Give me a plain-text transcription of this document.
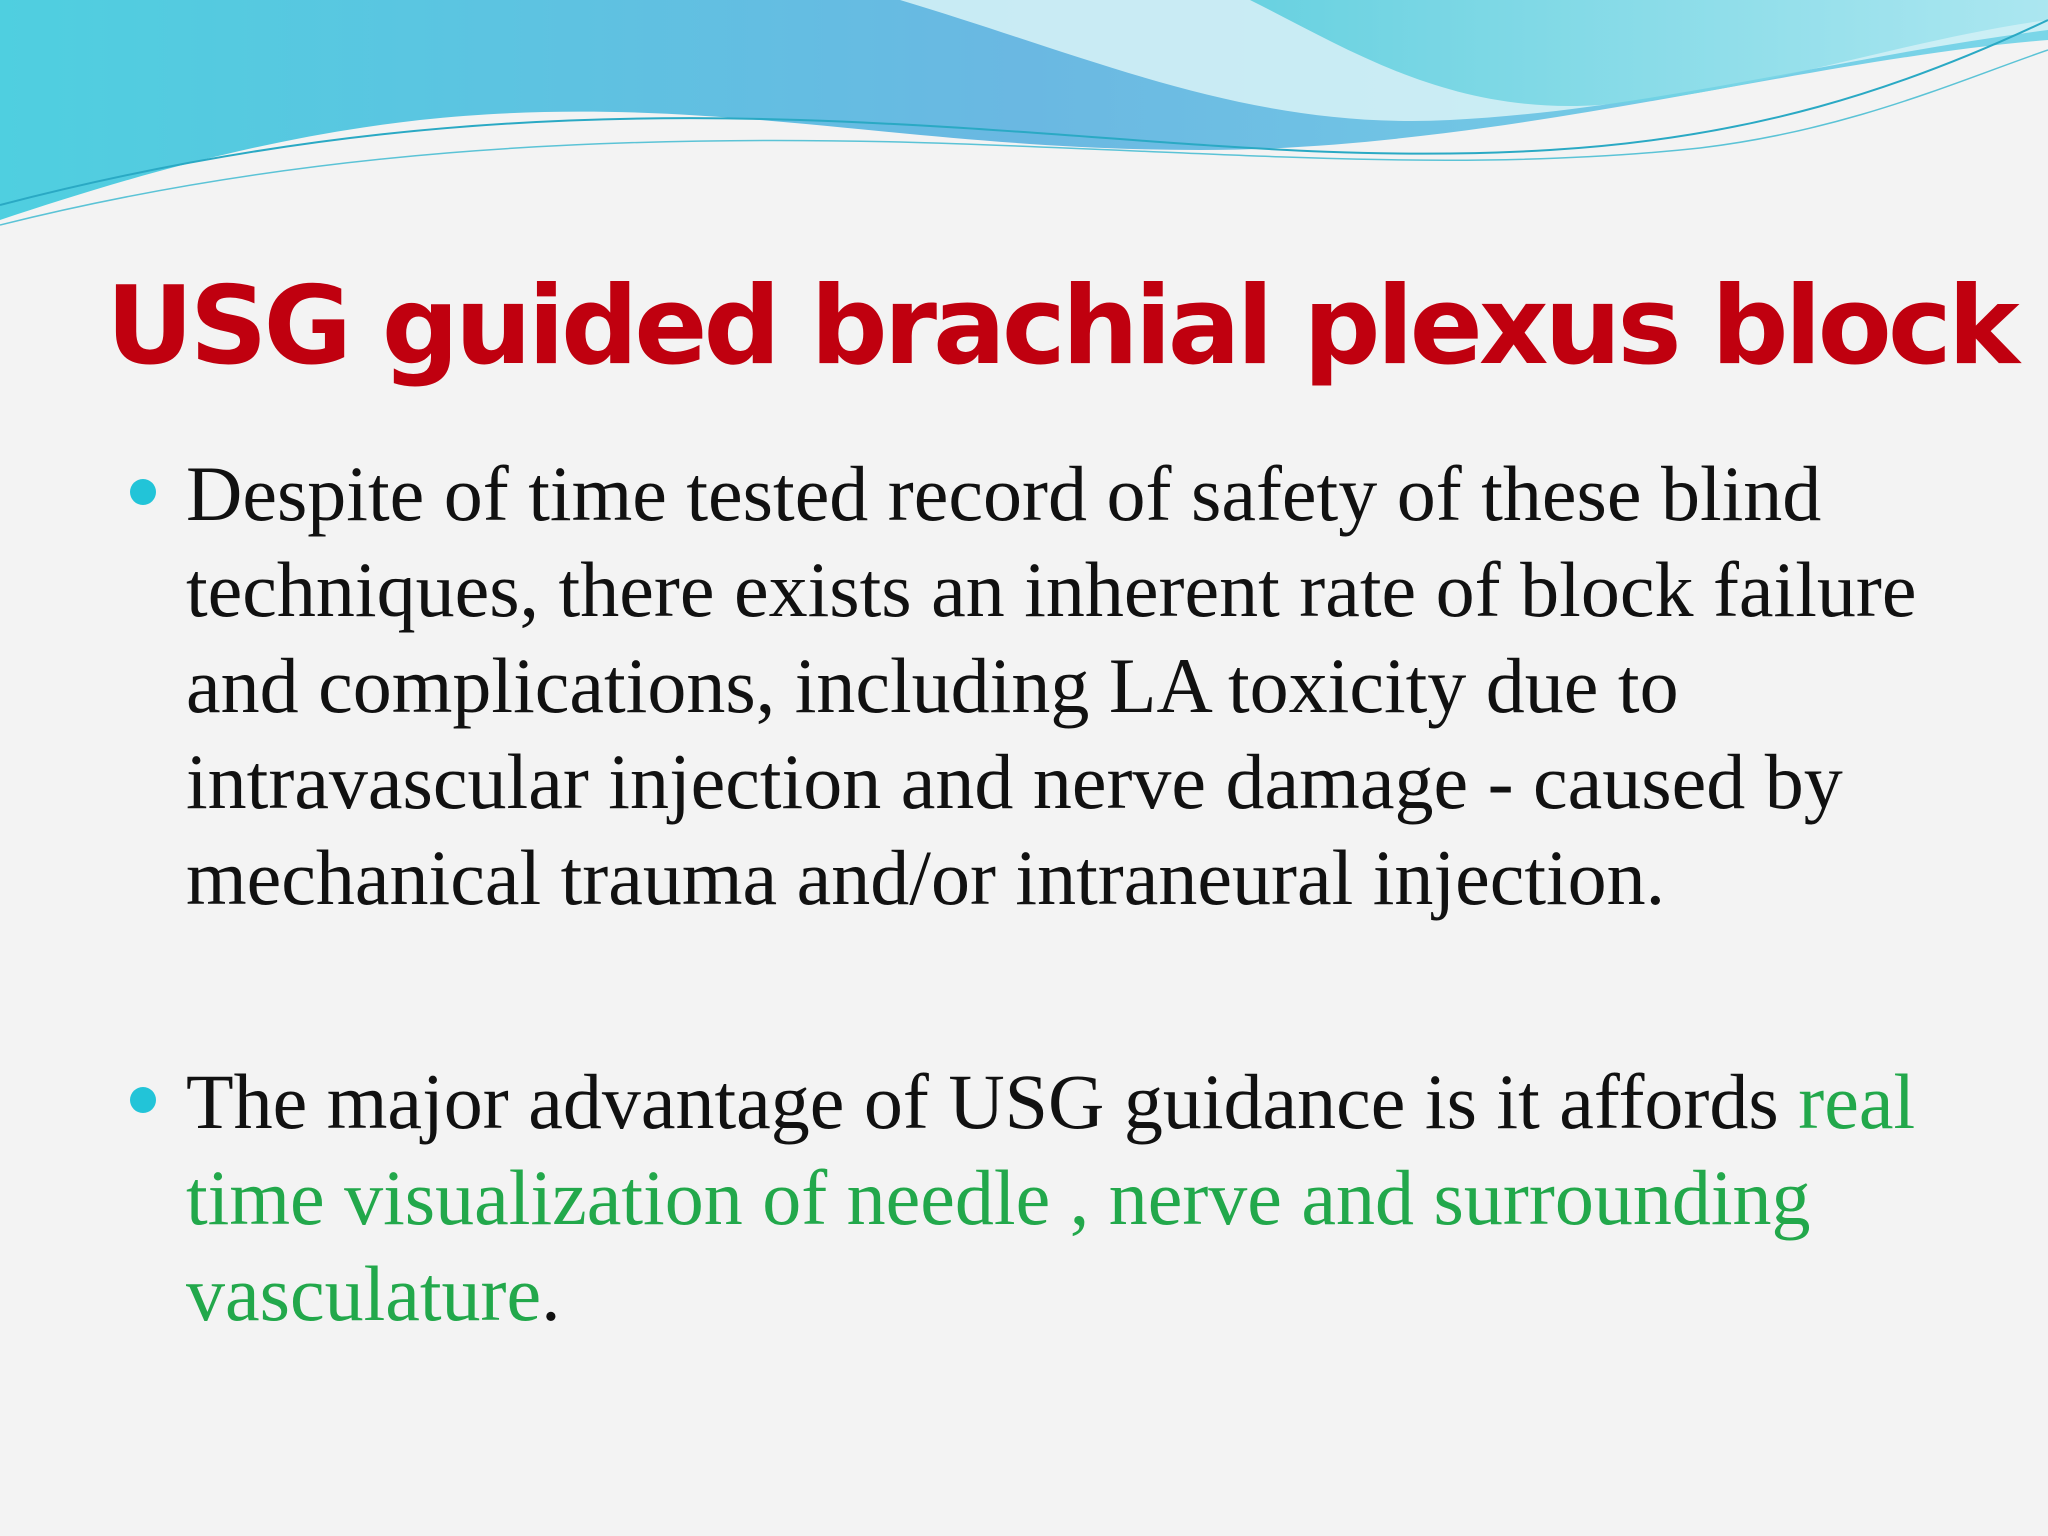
USG guided brachial plexus block
Despite of time tested record of safety of these blind techniques, there exists an inherent rate of block failure and complications, including LA toxicity due to intravascular injection and nerve damage - caused by mechanical trauma and/or intraneural injection.
The major advantage of USG guidance is it affords real time visualization of needle , nerve and surrounding vasculature.
